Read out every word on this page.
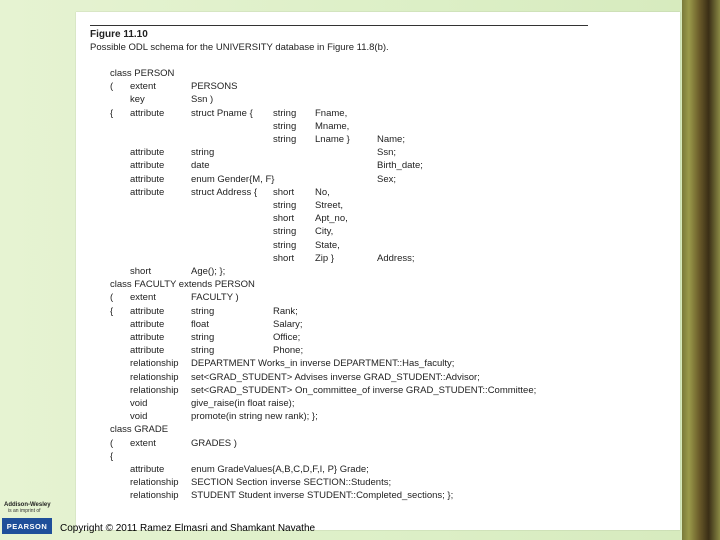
Figure 11.10
Possible ODL schema for the UNIVERSITY database in Figure 11.8(b).
class PERSON
( extent	PERSONS
key	Ssn )
{ attribute	struct Pname { string Fname,
string Mname,
string Lname }	Name;
attribute	string	Ssn;
attribute	date	Birth_date;
attribute	enum Gender{M, F}	Sex;
attribute	struct Address { short No,
string Street,
short Apt_no,
string City,
string State,
short Zip }	Address;
short	Age(); };
class FACULTY extends PERSON
( extent	FACULTY )
{ attribute	string	Rank;
attribute	float	Salary;
attribute	string	Office;
attribute	string	Phone;
relationship DEPARTMENT Works_in inverse DEPARTMENT::Has_faculty;
relationship set<GRAD_STUDENT> Advises inverse GRAD_STUDENT::Advisor;
relationship set<GRAD_STUDENT> On_committee_of inverse GRAD_STUDENT::Committee;
void	give_raise(in float raise);
void	promote(in string new rank); };
class GRADE
( extent	GRADES )
{
attribute	enum GradeValues{A,B,C,D,F,I, P} Grade;
relationship SECTION Section inverse SECTION::Students;
relationship STUDENT Student inverse STUDENT::Completed_sections; };
Addison-Wesley
is an imprint of
PEARSON	Copyright © 2011 Ramez Elmasri and Shamkant Navathe
